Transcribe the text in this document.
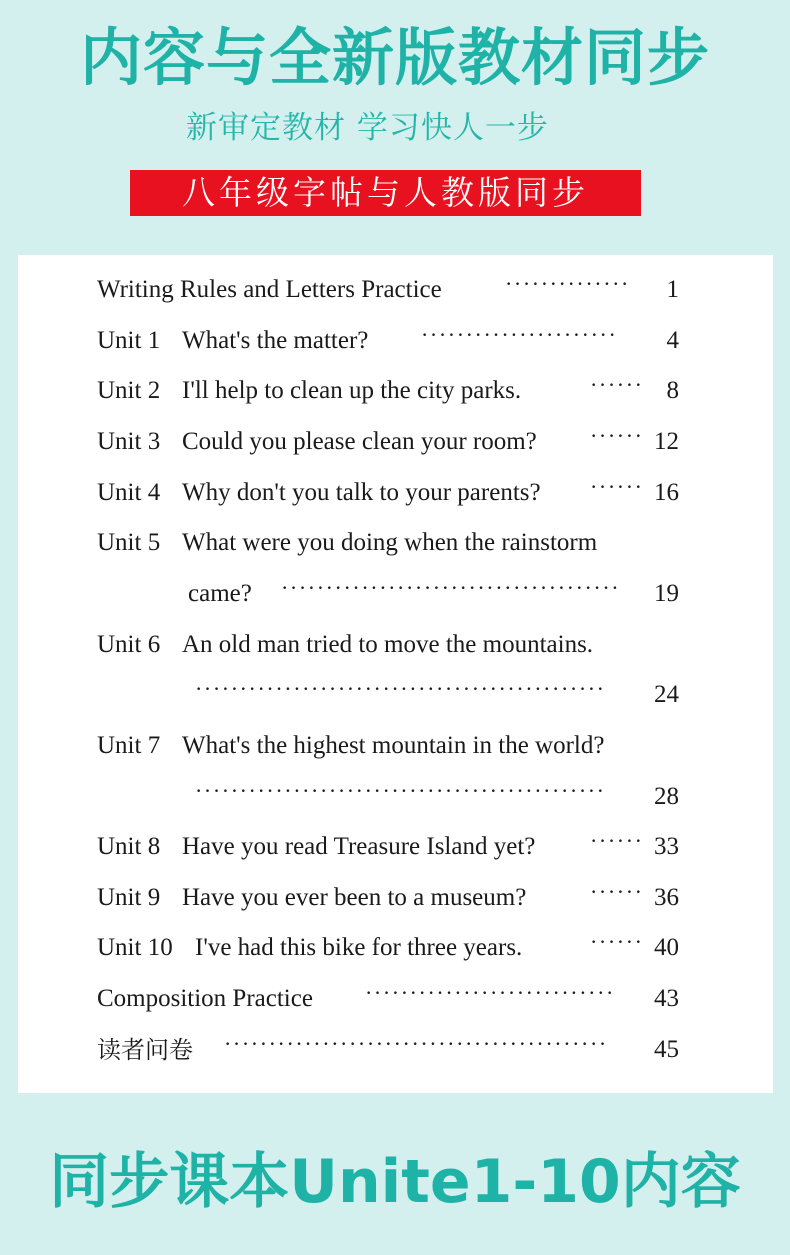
内容与全新版教材同步
新审定教材 学习快人一步
八年级字帖与人教版同步
Writing Rules and Letters Practice	··············	1
Unit 1 What's the matter? ······················	4
Unit 2 I'll help to clean up the city parks.	······ 8
Unit 3 Could you please clean your room? ······ 12
Unit 4 Why don't you talk to your parents? ······ 16
Unit 5 What were you doing when the rainstorm
came? ······································	19
Unit 6 An old man tried to move the mountains.
··············································	24
Unit 7 What's the highest mountain in the world?
··············································	28
Unit 8 Have you read Treasure Island yet? ······ 33
Unit 9 Have you ever been to a museum?	······ 36
Unit 10 I've had this bike for three years.	······ 40
Composition Practice ····························	43
读者问卷 ···········································	45
同步课本Unite1-10内容
